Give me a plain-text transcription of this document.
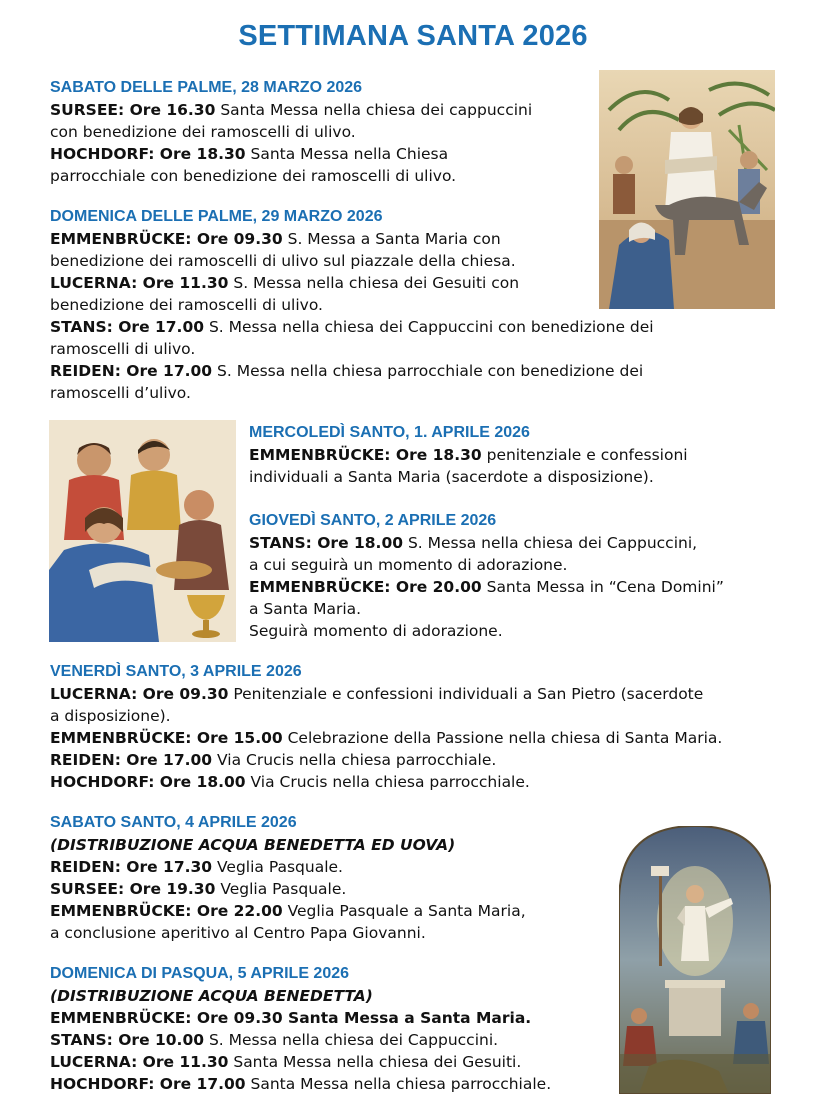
SETTIMANA SANTA 2026
SABATO DELLE PALME, 28 MARZO 2026
SURSEE: Ore 16.30 Santa Messa nella chiesa dei cappuccini
con benedizione dei ramoscelli di ulivo.
HOCHDORF: Ore 18.30 Santa Messa nella Chiesa
parrocchiale con benedizione dei ramoscelli di ulivo.
DOMENICA DELLE PALME, 29 MARZO 2026
EMMENBRÜCKE: Ore 09.30 S. Messa a Santa Maria con
benedizione dei ramoscelli di ulivo sul piazzale della chiesa.
LUCERNA: Ore 11.30 S. Messa nella chiesa dei Gesuiti con
benedizione dei ramoscelli di ulivo.
STANS: Ore 17.00 S. Messa nella chiesa dei Cappuccini con benedizione dei
ramoscelli di ulivo.
REIDEN: Ore 17.00 S. Messa nella chiesa parrocchiale con benedizione dei
ramoscelli d’ulivo.
MERCOLEDÌ SANTO, 1. APRILE 2026
EMMENBRÜCKE: Ore 18.30 penitenziale e confessioni
individuali a Santa Maria (sacerdote a disposizione).
GIOVEDÌ SANTO, 2 APRILE 2026
STANS: Ore 18.00 S. Messa nella chiesa dei Cappuccini,
a cui seguirà un momento di adorazione.
EMMENBRÜCKE: Ore 20.00 Santa Messa in “Cena Domini”
a Santa Maria.
Seguirà momento di adorazione.
VENERDÌ SANTO, 3 APRILE 2026
LUCERNA: Ore 09.30 Penitenziale e confessioni individuali a San Pietro (sacerdote
a disposizione).
EMMENBRÜCKE: Ore 15.00 Celebrazione della Passione nella chiesa di Santa Maria.
REIDEN: Ore 17.00 Via Crucis nella chiesa parrocchiale.
HOCHDORF: Ore 18.00 Via Crucis nella chiesa parrocchiale.
SABATO SANTO, 4 APRILE 2026
(DISTRIBUZIONE ACQUA BENEDETTA ED UOVA)
REIDEN: Ore 17.30 Veglia Pasquale.
SURSEE: Ore 19.30 Veglia Pasquale.
EMMENBRÜCKE: Ore 22.00 Veglia Pasquale a Santa Maria,
a conclusione aperitivo al Centro Papa Giovanni.
DOMENICA DI PASQUA, 5 APRILE 2026
(DISTRIBUZIONE ACQUA BENEDETTA)
EMMENBRÜCKE: Ore 09.30 Santa Messa a Santa Maria.
STANS: Ore 10.00 S. Messa nella chiesa dei Cappuccini.
LUCERNA: Ore 11.30 Santa Messa nella chiesa dei Gesuiti.
HOCHDORF: Ore 17.00 Santa Messa nella chiesa parrocchiale.
